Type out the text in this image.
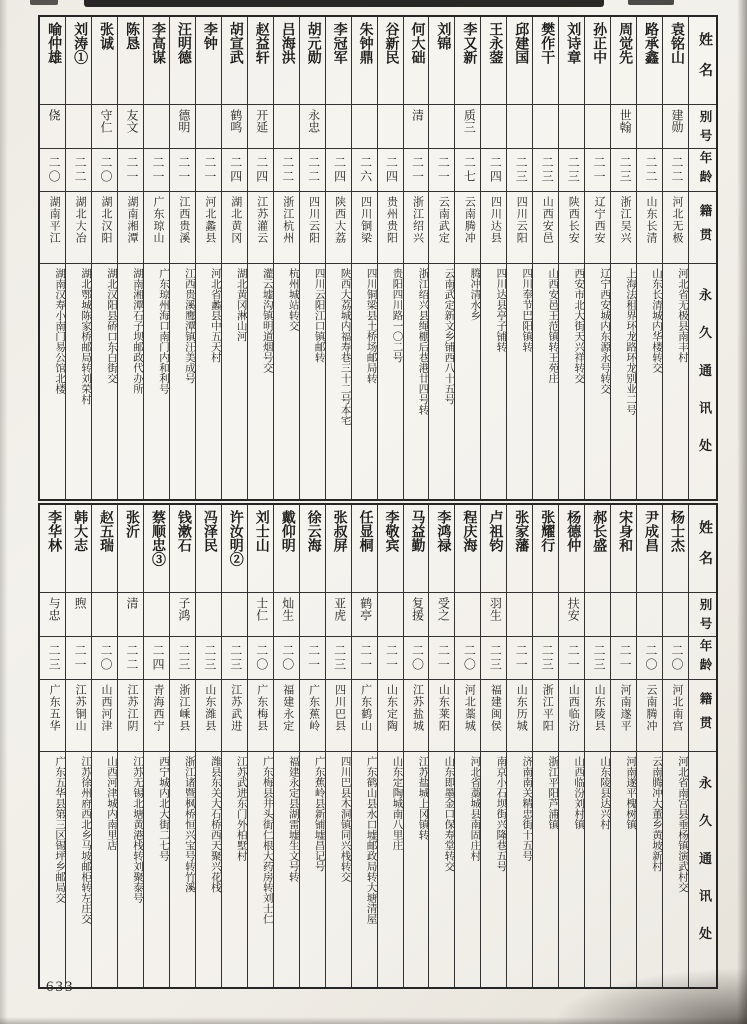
姓名
别号
年龄
籍贯
永久通讯处
袁铭山
建勋
二二
河北无极
河北省无极县南丰村
路承鑫
二二
山东长清
山东长清城内华楼转交
周觉先
世翰
二三
浙江吴兴
上海法租界环龙路环龙别业二号
孙正中
二一
辽宁西安
辽宁西安城内东源永号转交
刘诗章
二三
陕西长安
西安市北大街天兴祥转交
樊作干
二三
山西安邑
山西安邑王范镇转王苑庄
邱建国
二三
四川云阳
四川奉节巴阳镇转
王永蓥
二四
四川达县
四川达县亭子铺转
李又新
质三
二七
云南腾冲
腾冲清水乡
刘锦
二一
云南武定
云南武定新文乡铺西八十五号
何大础
清
二一
浙江绍兴
浙江绍兴县绳棚后巷港廿四号转
谷新民
二四
贵州贵阳
贵阳四川路一〇二号
朱钟鼎
二六
四川铜梁
四川铜梁县土桥场邮局转
李冠军
二四
陕西大荔
陕西大荔城内福寿巷三十二号本宅
胡元勋
永忠
二二
四川云阳
四川云阳江口镇邮转
吕海洪
二二
浙江杭州
杭州城站转交
赵益轩
开延
二四
江苏灌云
灌云墟沟镇明道烟号交
胡宣武
鹤鸣
二四
湖北黄冈
湖北黄冈淋山河
李钟
二一
河北蠡县
河北省蠡县中五天村
汪明德
德明
二一
江西贵溪
江西贵溪鹰潭镇汪美成号
李高谋
二一
广东琼山
广东琼州海口南门内和利号
陈恳
友文
二一
湖南湘潭
湖南湘潭石子坝邮政代办所
张诚
守仁
二〇
湖北汉阳
湖北汉阳县硚口东白街交
刘涛①
二二
湖北大冶
湖北鄂城陈家桥邮局转刘荣村
喻仲雄
侥
二〇
湖南平江
湖南汉寿小南门易公馆北楼
姓名
别号
年龄
籍贯
永久通讯处
杨士杰
二〇
河北南宫
河北省南宫县垂杨镇演武村交
尹成昌
二〇
云南腾冲
云南腾冲大董乡黄坡新村
宋身和
二一
河南遂平
河南遂平槐树镇
郝长盛
二三
山东陵县
山东陵县达兴村
杨德仲
扶安
二一
山西临汾
山西临汾刘村镇
张耀行
二三
浙江平阳
浙江平阳芦浦镇
张家藩
二一
山东历城
济南南关精忠街十五号
卢祖钧
羽生
二三
福建闽侯
南京小石坝街兴隆巷五号
程庆海
二〇
河北藁城
河北省藁城县南固庄村
李鸿禄
受之
二一
山东莱阳
山东即墨金口保寿堂转交
马益勤
复援
二〇
江苏盐城
江苏盐城上冈镇转
李敬宾
二一
山东定陶
山东定陶城南八里庄
任显桐
鹤亭
二一
广东鹤山
广东鹤山县水口墟邮政局转大塘清屋
张叔屏
亚虎
二三
四川巴县
四川巴县木洞镇同兴栈转交
徐云海
二一
广东蕉岭
广东蕉岭县新铺墟昌记号
戴仰明
灿生
二〇
福建永定
福建永定县湖雷墟生文号转
刘士山
士仁
二〇
广东梅县
广东梅县井头街仁根大药房转刘士仁
许汝明②
二三
江苏武进
江苏武进东门外柏墅村
冯泽民
二三
山东潍县
潍县东关大石桥西天聚兴花栈
钱漱石
子鸿
二三
浙江嵊县
浙江诸暨枫桥恒兴宝号转竹溪
蔡顺忠③
二四
青海西宁
西宁城内北大街二七号
张沂
清
二二
江苏江阴
江苏无锡北塘黄港栈转刘聚泰号
赵五瑞
二〇
山西河津
山西河津城内南里店
韩大志
煦
二一
江苏铜山
江苏徐州府西北乡马坡邮柜转左庄交
李华林
与忠
二三
广东五华
广东五华县第三区锡坪乡邮局交
633
